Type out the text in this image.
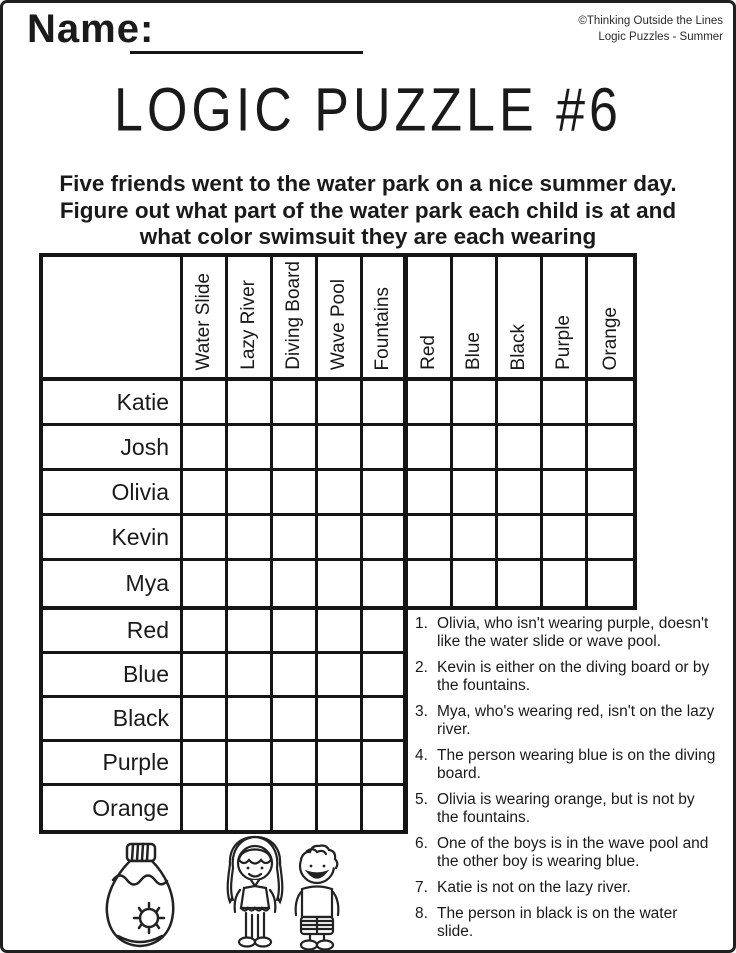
Name:	©Thinking Outside the Lines
Logic Puzzles - Summer
LOGIC PUZZLE #6
Five friends went to the water park on a nice summer day.
Figure out what part of the water park each child is at and
what color swimsuit they are each wearing
Water Slide Lazy River Diving Board Wave Pool Fountains Red Blue Black Purple Orange
Katie
Josh
Olivia
Kevin
Mya
Red
Blue
Black
Purple
Orange
1. Olivia, who isn't wearing purple, doesn't like the water slide or wave pool.
2. Kevin is either on the diving board or by the fountains.
3. Mya, who's wearing red, isn't on the lazy river.
4. The person wearing blue is on the diving board.
5. Olivia is wearing orange, but is not by the fountains.
6. One of the boys is in the wave pool and the other boy is wearing blue.
7. Katie is not on the lazy river.
8. The person in black is on the water slide.
